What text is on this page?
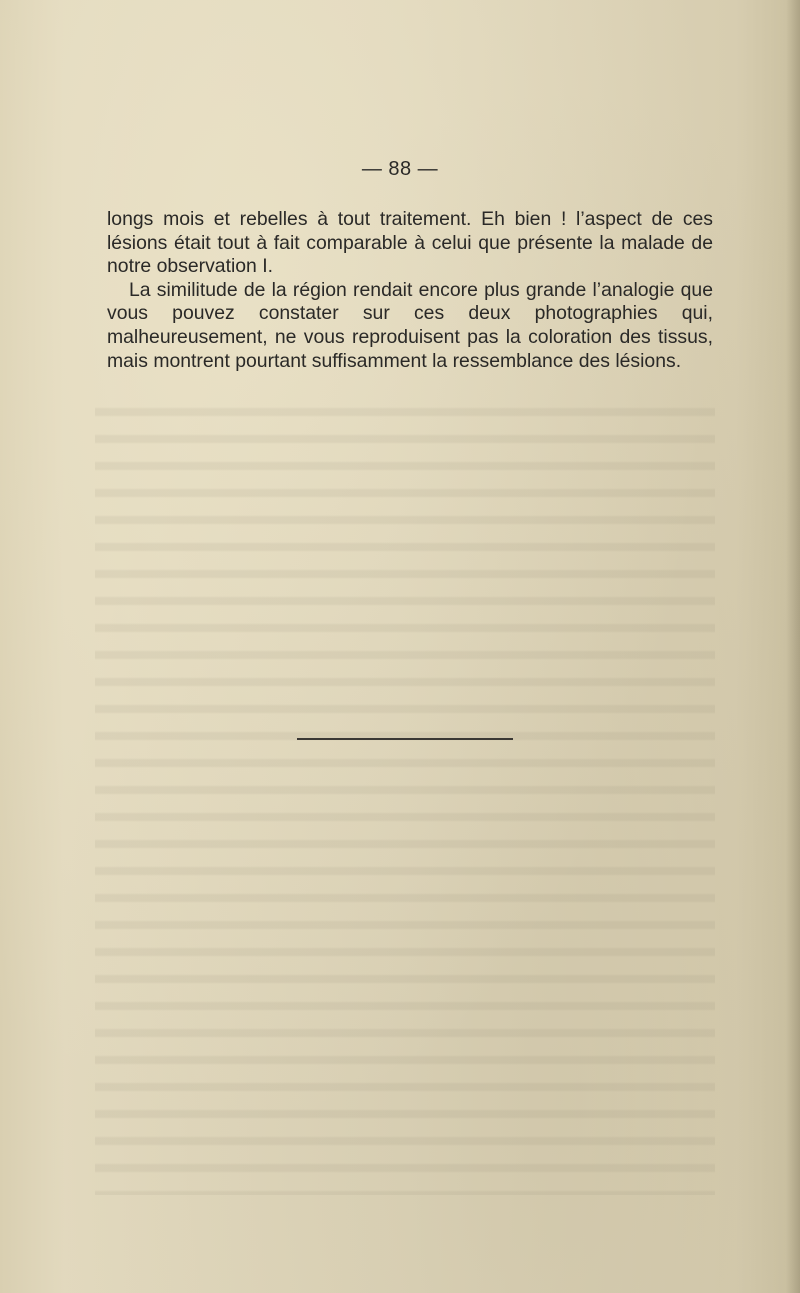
— 88 —

longs mois et rebelles à tout traitement. Eh bien ! l’aspect de ces lésions était tout à fait comparable à celui que présente la malade de notre observation I.

La similitude de la région rendait encore plus grande l’analogie que vous pouvez constater sur ces deux photographies qui, malheureusement, ne vous reproduisent pas la coloration des tissus, mais montrent pourtant suffisamment la ressemblance des lésions.
